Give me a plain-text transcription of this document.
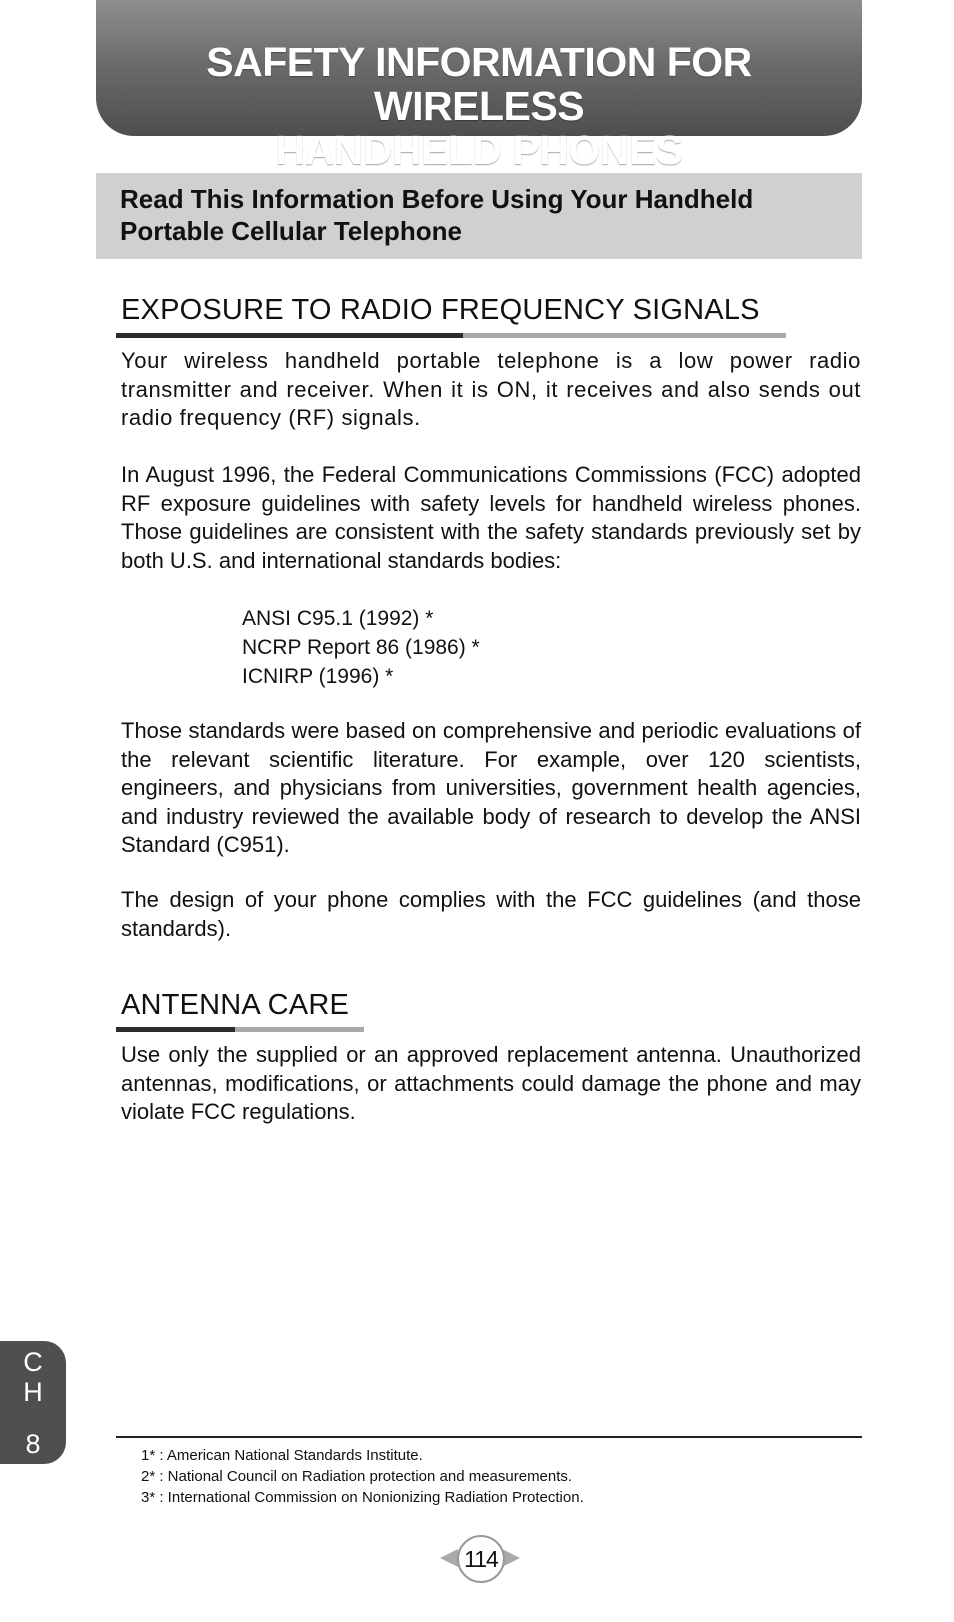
SAFETY INFORMATION FOR WIRELESS
HANDHELD PHONES
Read This Information Before Using Your Handheld
Portable Cellular Telephone
EXPOSURE TO RADIO FREQUENCY SIGNALS

Your wireless handheld portable telephone is a low power radio transmitter and receiver. When it is ON, it receives and also sends out radio frequency (RF) signals.

In August 1996, the Federal Communications Commissions (FCC) adopted RF exposure guidelines with safety levels for handheld wireless phones. Those guidelines are consistent with the safety standards previously set by both U.S. and international standards bodies:

ANSI C95.1 (1992) *

NCRP Report 86 (1986) *

ICNIRP (1996) *

Those standards were based on comprehensive and periodic evaluations of the relevant scientific literature. For example, over 120 scientists, engineers, and physicians from universities, government health agencies, and industry reviewed the available body of research to develop the ANSI Standard (C951).

The design of your phone complies with the FCC guidelines (and those standards).

ANTENNA CARE

Use only the supplied or an approved replacement antenna. Unauthorized antennas, modifications, or attachments could damage the phone and may violate FCC regulations.

C
H
8	1* : American National Standards Institute.
2* : National Council on Radiation protection and measurements.
3* : International Commission on Nonionizing Radiation Protection.
114
